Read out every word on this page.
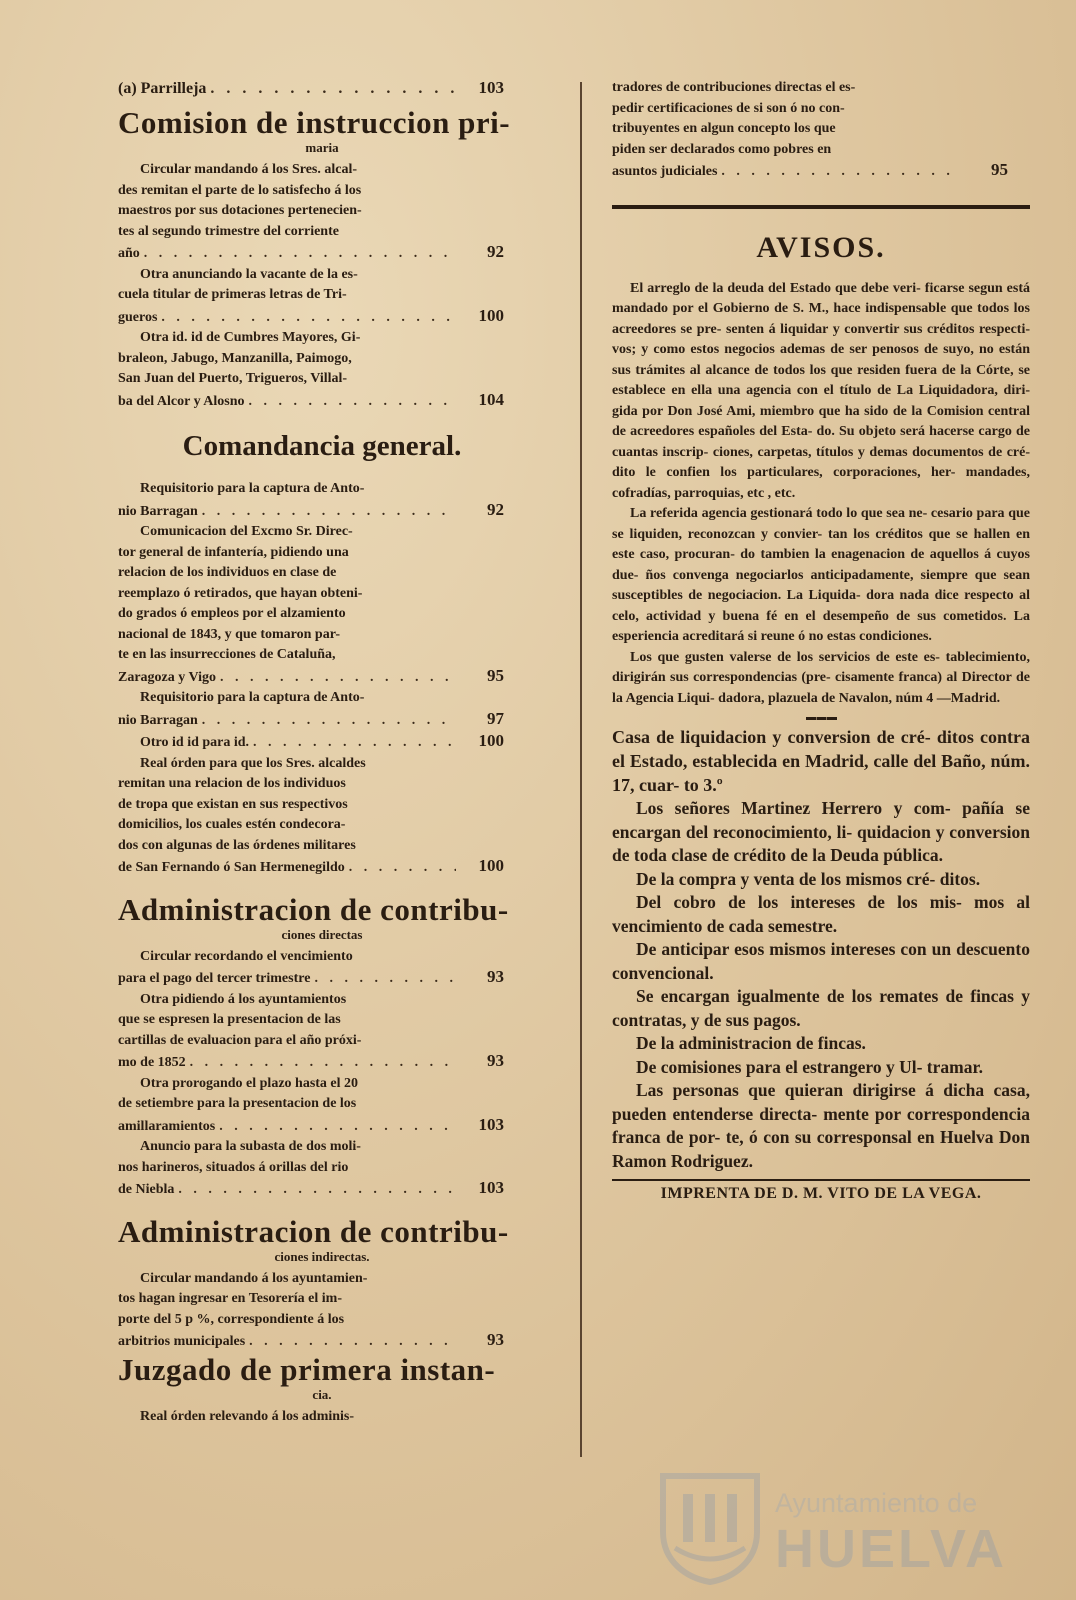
(a) Parrilleja . . .	103
Comision de instruccion pri-
maria
Circular mandando á los Sres. alcal-
des remitan el parte de lo satisfecho á los
maestros por sus dotaciones pertenecien-
tes al segundo trimestre del corriente
año . . .	92
Otra anunciando la vacante de la es-
cuela titular de primeras letras de Tri-
gueros . . .	100
Otra id. id de Cumbres Mayores, Gi-
braleon, Jabugo, Manzanilla, Paimogo,
San Juan del Puerto, Trigueros, Villal-
ba del Alcor y Alosno . . .	104
Comandancia general.
Requisitorio para la captura de Anto-
nio Barragan . . .	92
Comunicacion del Excmo Sr. Direc-
tor general de infantería, pidiendo una
relacion de los individuos en clase de
reemplazo ó retirados, que hayan obteni-
do grados ó empleos por el alzamiento
nacional de 1843, y que tomaron par-
te en las insurrecciones de Cataluña,
Zaragoza y Vigo . . .	95
Requisitorio para la captura de Anto-
nio Barragan . . .	97
Otro id id para id. . . .	100
Real órden para que los Sres. alcaldes
remitan una relacion de los individuos
de tropa que existan en sus respectivos
domicilios, los cuales estén condecora-
dos con algunas de las órdenes militares
de San Fernando ó San Hermenegildo . . .	100
Administracion de contribu-
ciones directas
Circular recordando el vencimiento
para el pago del tercer trimestre . . .	93
Otra pidiendo á los ayuntamientos
que se espresen la presentacion de las
cartillas de evaluacion para el año próxi-
mo de 1852 . . .	93
Otra prorogando el plazo hasta el 20
de setiembre para la presentacion de los
amillaramientos . . .	103
Anuncio para la subasta de dos moli-
nos harineros, situados á orillas del rio
de Niebla . . .	103
Administracion de contribu-
ciones indirectas.
Circular mandando á los ayuntamien-
tos hagan ingresar en Tesorería el im-
porte del 5 p %, correspondiente á los
arbitrios municipales . . .	93
Juzgado de primera instan-
cia.
Real órden relevando á los adminis-
tradores de contribuciones directas el es-
pedir certificaciones de si son ó no con-
tribuyentes en algun concepto los que
piden ser declarados como pobres en
asuntos judiciales . . .	95
AVISOS.

El arreglo de la deuda del Estado que debe veri- ficarse segun está mandado por el Gobierno de S. M., hace indispensable que todos los acreedores se pre- senten á liquidar y convertir sus créditos respecti- vos; y como estos negocios ademas de ser penosos de suyo, no están sus trámites al alcance de todos los que residen fuera de la Córte, se establece en ella una agencia con el título de La Liquidadora, diri- gida por Don José Ami, miembro que ha sido de la Comision central de acreedores españoles del Esta- do. Su objeto será hacerse cargo de cuantas inscrip- ciones, carpetas, títulos y demas documentos de cré- dito le confien los particulares, corporaciones, her- mandades, cofradías, parroquias, etc , etc.

La referida agencia gestionará todo lo que sea ne- cesario para que se liquiden, reconozcan y convier- tan los créditos que se hallen en este caso, procuran- do tambien la enagenacion de aquellos á cuyos due- ños convenga negociarlos anticipadamente, siempre que sean susceptibles de negociacion. La Liquida- dora nada dice respecto al celo, actividad y buena fé en el desempeño de sus cometidos. La esperiencia acreditará si reune ó no estas condiciones.

Los que gusten valerse de los servicios de este es- tablecimiento, dirigirán sus correspondencias (pre- cisamente franca) al Director de la Agencia Liqui- dadora, plazuela de Navalon, núm 4 —Madrid.

▬ ▬ ▬

Casa de liquidacion y conversion de cré- ditos contra el Estado, establecida en Madrid, calle del Baño, núm. 17, cuar- to 3.º

Los señores Martinez Herrero y com- pañía se encargan del reconocimiento, li- quidacion y conversion de toda clase de crédito de la Deuda pública.

De la compra y venta de los mismos cré- ditos.

Del cobro de los intereses de los mis- mos al vencimiento de cada semestre.

De anticipar esos mismos intereses con un descuento convencional.

Se encargan igualmente de los remates de fincas y contratas, y de sus pagos.

De la administracion de fincas.

De comisiones para el estrangero y Ul- tramar.

Las personas que quieran dirigirse á dicha casa, pueden entenderse directa- mente por correspondencia franca de por- te, ó con su corresponsal en Huelva Don Ramon Rodriguez.

IMPRENTA DE D. M. VITO DE LA VEGA.
Ayuntamiento de
HUELVA
